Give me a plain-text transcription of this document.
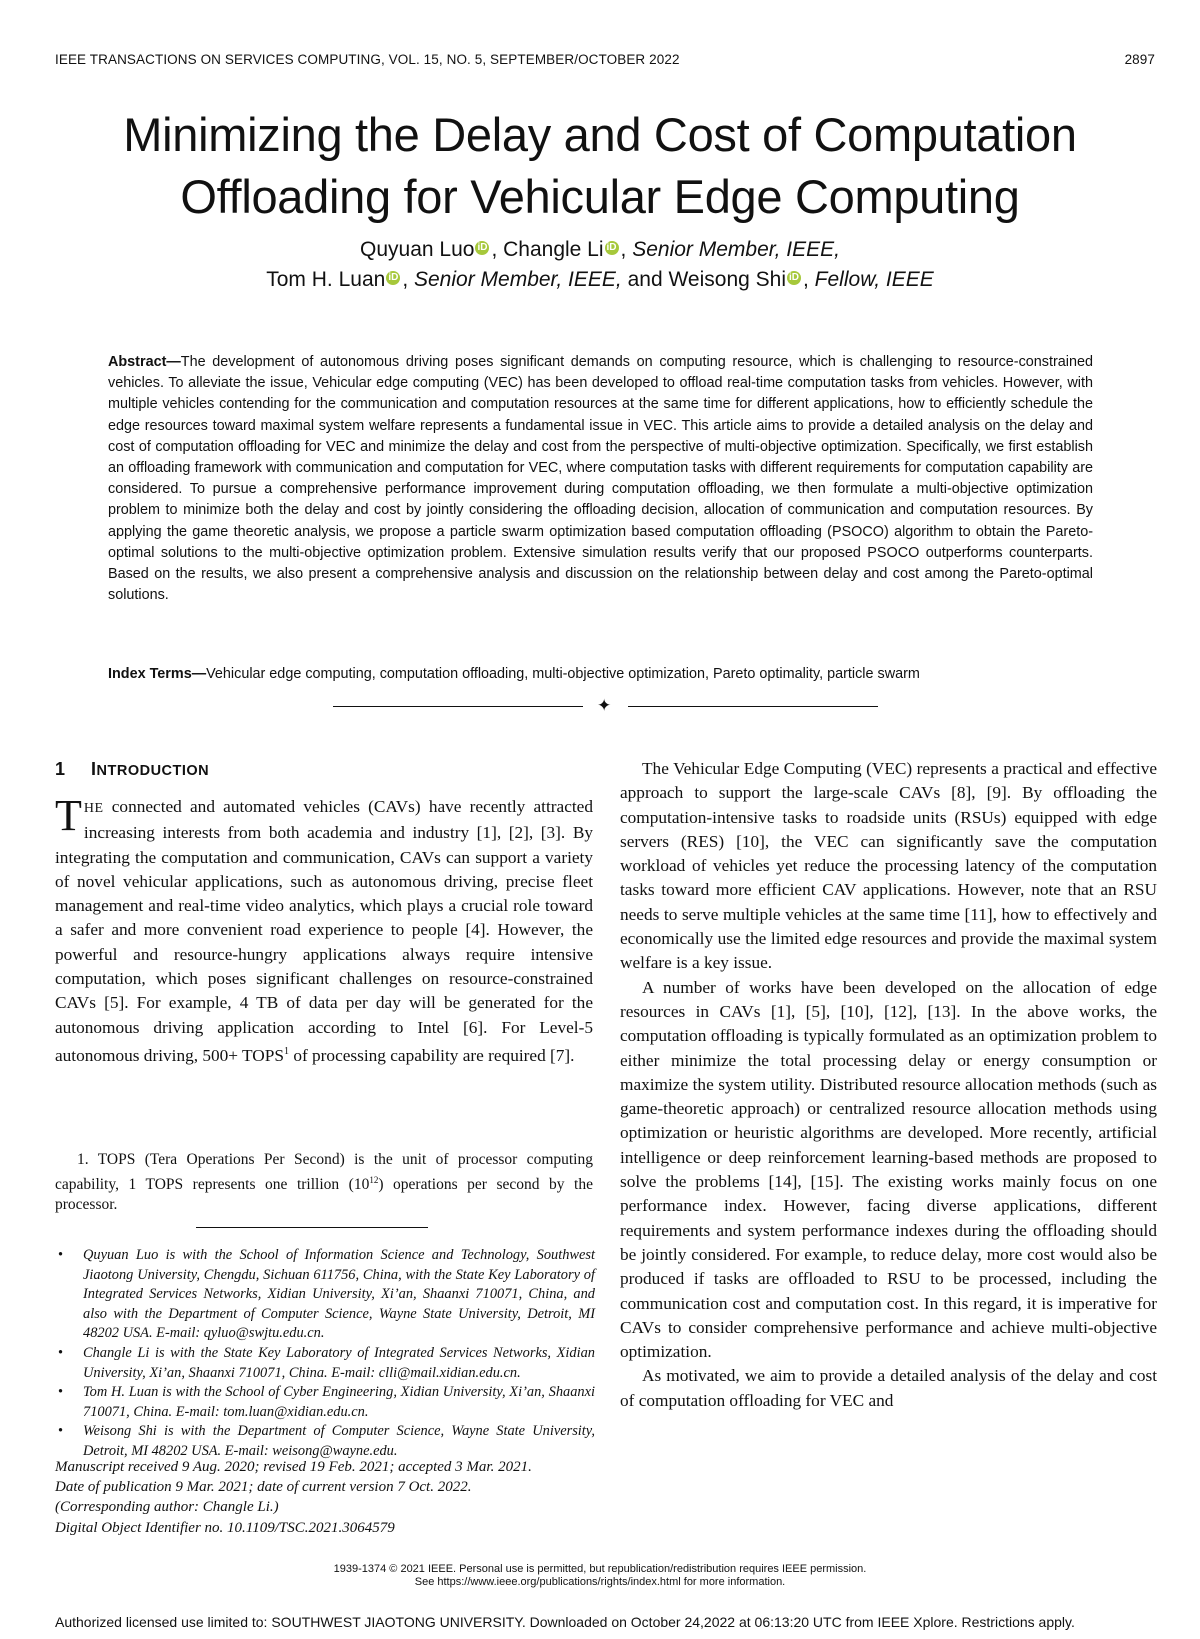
IEEE TRANSACTIONS ON SERVICES COMPUTING, VOL. 15, NO. 5, SEPTEMBER/OCTOBER 2022	2897
Minimizing the Delay and Cost of Computation
Offloading for Vehicular Edge Computing
Quyuan Luo iD , Changle Li iD , Senior Member, IEEE,
Tom H. Luan iD , Senior Member, IEEE, and Weisong Shi iD , Fellow, IEEE

Abstract—The development of autonomous driving poses significant demands on computing resource, which is challenging to resource-constrained vehicles. To alleviate the issue, Vehicular edge computing (VEC) has been developed to offload real-time computation tasks from vehicles. However, with multiple vehicles contending for the communication and computation resources at the same time for different applications, how to efficiently schedule the edge resources toward maximal system welfare represents a fundamental issue in VEC. This article aims to provide a detailed analysis on the delay and cost of computation offloading for VEC and minimize the delay and cost from the perspective of multi-objective optimization. Specifically, we first establish an offloading framework with communication and computation for VEC, where computation tasks with different requirements for computation capability are considered. To pursue a comprehensive performance improvement during computation offloading, we then formulate a multi-objective optimization problem to minimize both the delay and cost by jointly considering the offloading decision, allocation of communication and computation resources. By applying the game theoretic analysis, we propose a particle swarm optimization based computation offloading (PSOCO) algorithm to obtain the Pareto-optimal solutions to the multi-objective optimization problem. Extensive simulation results verify that our proposed PSOCO outperforms counterparts. Based on the results, we also present a comprehensive analysis and discussion on the relationship between delay and cost among the Pareto-optimal solutions.

Index Terms—Vehicular edge computing, computation offloading, multi-objective optimization, Pareto optimality, particle swarm

✦
1 INTRODUCTION

THE connected and automated vehicles (CAVs) have recently attracted increasing interests from both academia and industry [1], [2], [3]. By integrating the computation and communication, CAVs can support a variety of novel vehicular applications, such as autonomous driving, precise fleet management and real-time video analytics, which plays a crucial role toward a safer and more convenient road experience to people [4]. However, the powerful and resource-hungry applications always require intensive computation, which poses significant challenges on resource-constrained CAVs [5]. For example, 4 TB of data per day will be generated for the autonomous driving application according to Intel [6]. For Level-5 autonomous driving, $500+ TOPS^1$ of processing capability are required [7].

1. TOPS (Tera Operations Per Second) is the unit of processor computing capability, 1 TOPS represents one trillion $(10^{12})$ operations per second by the processor.

• Quyuan Luo is with the School of Information Science and Technology, Southwest Jiaotong University, Chengdu, Sichuan 611756, China, with the State Key Laboratory of Integrated Services Networks, Xidian University, Xi’an, Shaanxi 710071, China, and also with the Department of Computer Science, Wayne State University, Detroit, MI 48202 USA. E-mail: qyluo@swjtu.edu.cn.
• Changle Li is with the State Key Laboratory of Integrated Services Networks, Xidian University, Xi’an, Shaanxi 710071, China. E-mail: clli@mail.xidian.edu.cn.
• Tom H. Luan is with the School of Cyber Engineering, Xidian University, Xi’an, Shaanxi 710071, China. E-mail: tom.luan@xidian.edu.cn.
• Weisong Shi is with the Department of Computer Science, Wayne State University, Detroit, MI 48202 USA. E-mail: weisong@wayne.edu.
Manuscript received 9 Aug. 2020; revised 19 Feb. 2021; accepted 3 Mar. 2021.
Date of publication 9 Mar. 2021; date of current version 7 Oct. 2022.
(Corresponding author: Changle Li.)
Digital Object Identifier no. 10.1109/TSC.2021.3064579

The Vehicular Edge Computing (VEC) represents a practical and effective approach to support the large-scale CAVs [8], [9]. By offloading the computation-intensive tasks to roadside units (RSUs) equipped with edge servers (RES) [10], the VEC can significantly save the computation workload of vehicles yet reduce the processing latency of the computation tasks toward more efficient CAV applications. However, note that an RSU needs to serve multiple vehicles at the same time [11], how to effectively and economically use the limited edge resources and provide the maximal system welfare is a key issue.

A number of works have been developed on the allocation of edge resources in CAVs [1], [5], [10], [12], [13]. In the above works, the computation offloading is typically formulated as an optimization problem to either minimize the total processing delay or energy consumption or maximize the system utility. Distributed resource allocation methods (such as game-theoretic approach) or centralized resource allocation methods using optimization or heuristic algorithms are developed. More recently, artificial intelligence or deep reinforcement learning-based methods are proposed to solve the problems [14], [15]. The existing works mainly focus on one performance index. However, facing diverse applications, different requirements and system performance indexes during the offloading should be jointly considered. For example, to reduce delay, more cost would also be produced if tasks are offloaded to RSU to be processed, including the communication cost and computation cost. In this regard, it is imperative for CAVs to consider comprehensive performance and achieve multi-objective optimization.

As motivated, we aim to provide a detailed analysis of the delay and cost of computation offloading for VEC and

1939-1374 © 2021 IEEE. Personal use is permitted, but republication/redistribution requires IEEE permission.
See https://www.ieee.org/publications/rights/index.html for more information.
Authorized licensed use limited to: SOUTHWEST JIAOTONG UNIVERSITY. Downloaded on October 24,2022 at 06:13:20 UTC from IEEE Xplore. Restrictions apply.
